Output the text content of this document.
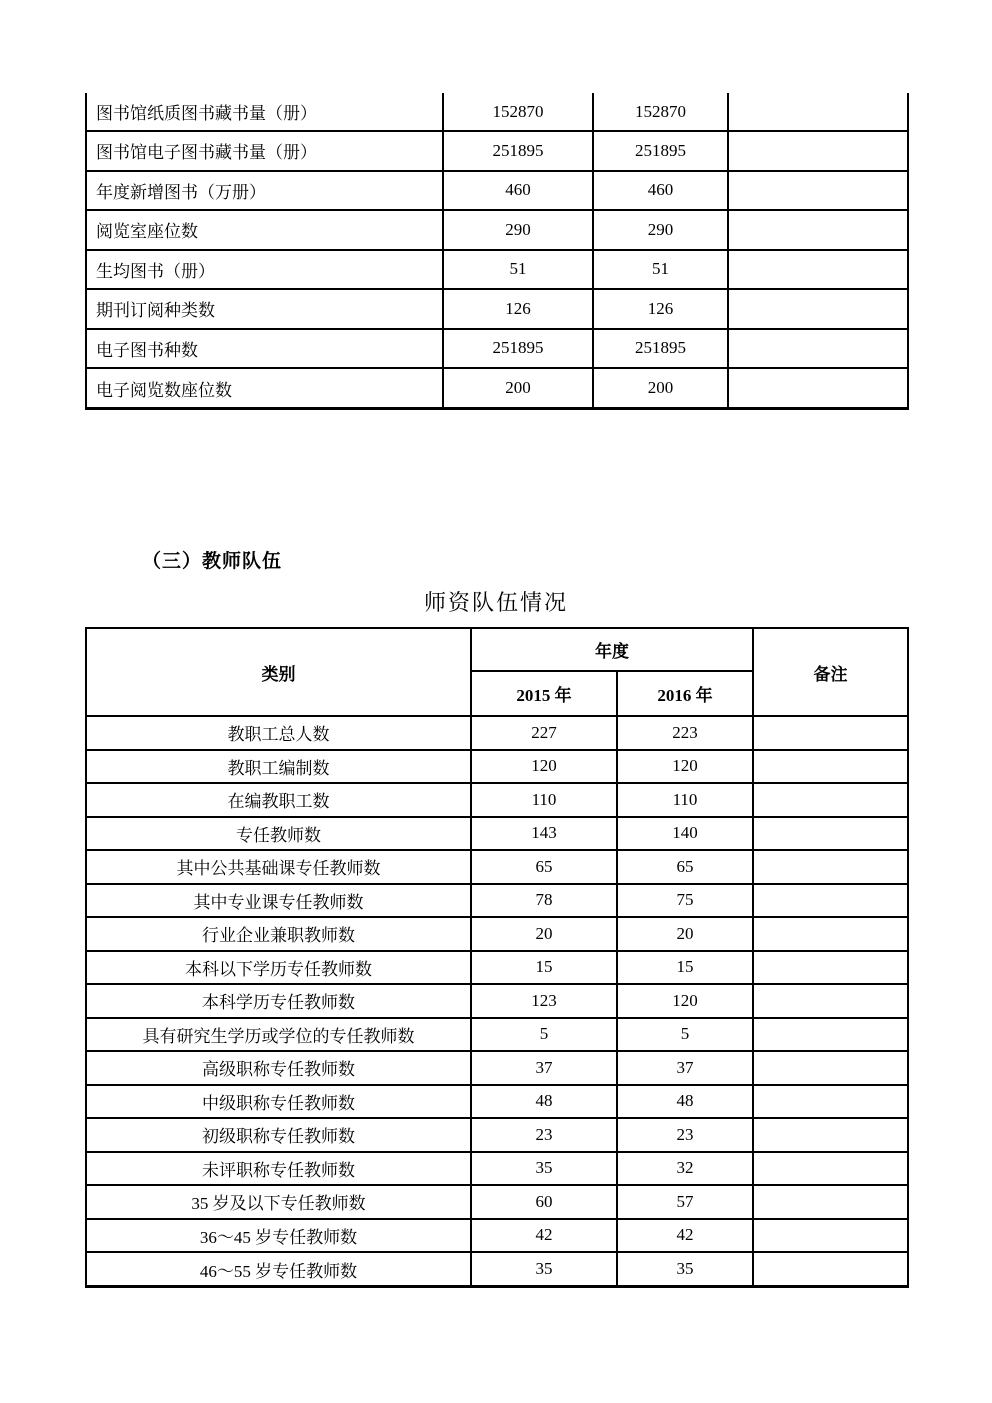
图书馆纸质图书藏书量（册）	152870	152870	
图书馆电子图书藏书量（册）	251895	251895	
年度新增图书（万册）	460	460	
阅览室座位数	290	290	
生均图书（册）	51	51	
期刊订阅种类数	126	126	
电子图书种数	251895	251895	
电子阅览数座位数	200	200	
（三）教师队伍
师资队伍情况
类别	年度		备注
	2015 年	2016 年	
教职工总人数	227	223	
教职工编制数	120	120	
在编教职工数	110	110	
专任教师数	143	140	
其中公共基础课专任教师数	65	65	
其中专业课专任教师数	78	75	
行业企业兼职教师数	20	20	
本科以下学历专任教师数	15	15	
本科学历专任教师数	123	120	
具有研究生学历或学位的专任教师数	5	5	
高级职称专任教师数	37	37	
中级职称专任教师数	48	48	
初级职称专任教师数	23	23	
未评职称专任教师数	35	32	
35 岁及以下专任教师数	60	57	
36～45 岁专任教师数	42	42	
46～55 岁专任教师数	35	35	
